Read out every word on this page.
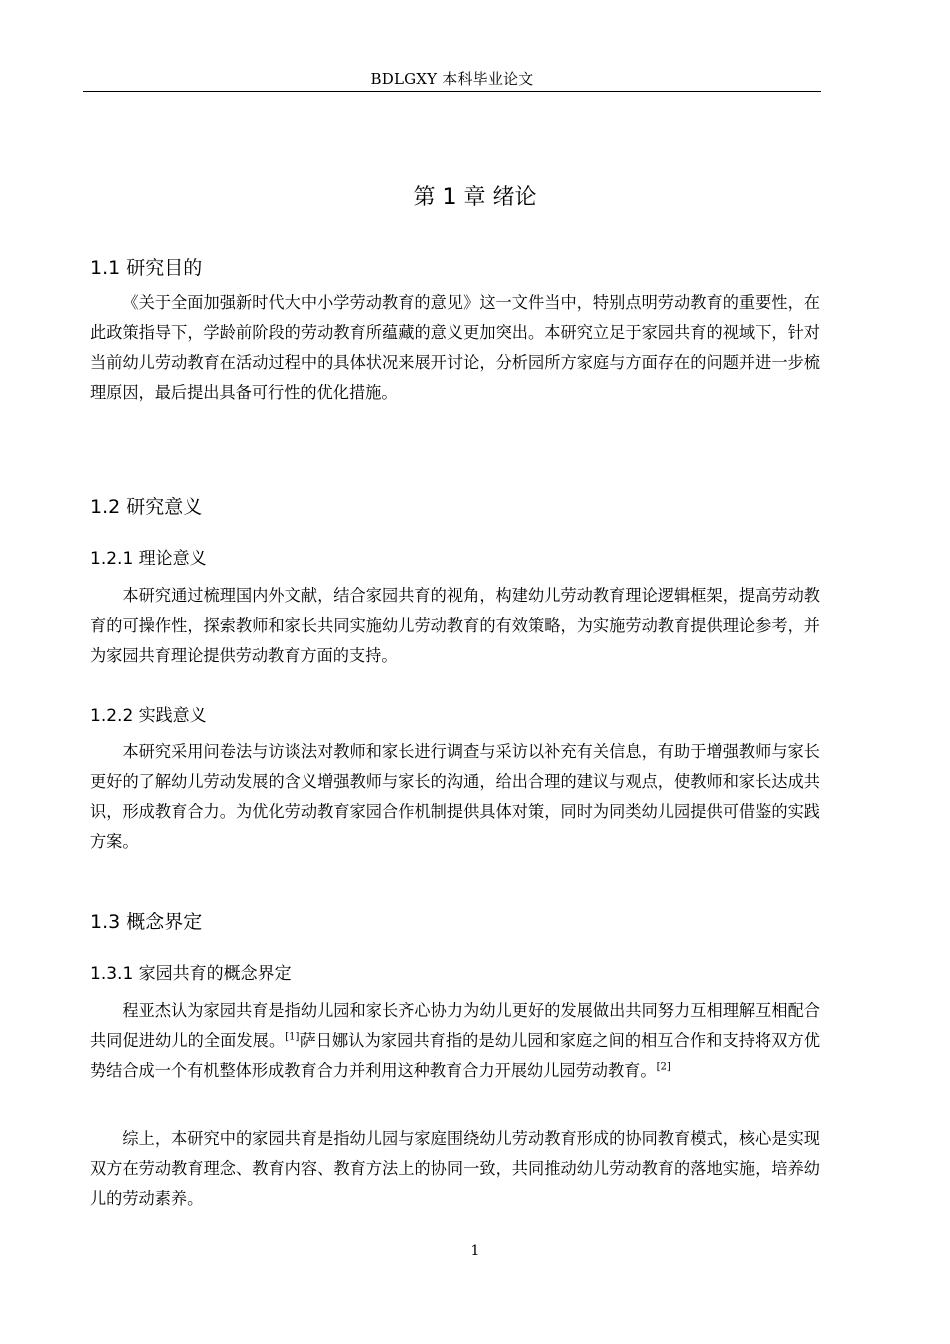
BDLGXY 本科毕业论文
第 1 章 绪论
1.1 研究目的

《关于全面加强新时代大中小学劳动教育的意见》这一文件当中，特别点明劳动教育的重要性，在此政策指导下，学龄前阶段的劳动教育所蕴藏的意义更加突出。本研究立足于家园共育的视域下，针对当前幼儿劳动教育在活动过程中的具体状况来展开讨论，分析园所方家庭与方面存在的问题并进一步梳理原因，最后提出具备可行性的优化措施。

1.2 研究意义
1.2.1 理论意义

本研究通过梳理国内外文献，结合家园共育的视角，构建幼儿劳动教育理论逻辑框架，提高劳动教育的可操作性，探索教师和家长共同实施幼儿劳动教育的有效策略，为实施劳动教育提供理论参考，并为家园共育理论提供劳动教育方面的支持。

1.2.2 实践意义

本研究采用问卷法与访谈法对教师和家长进行调查与采访以补充有关信息，有助于增强教师与家长更好的了解幼儿劳动发展的含义增强教师与家长的沟通，给出合理的建议与观点，使教师和家长达成共识，形成教育合力。为优化劳动教育家园合作机制提供具体对策，同时为同类幼儿园提供可借鉴的实践方案。

1.3 概念界定
1.3.1 家园共育的概念界定

程亚杰认为家园共育是指幼儿园和家长齐心协力为幼儿更好的发展做出共同努力互相理解互相配合共同促进幼儿的全面发展。[1]萨日娜认为家园共育指的是幼儿园和家庭之间的相互合作和支持将双方优势结合成一个有机整体形成教育合力并利用这种教育合力开展幼儿园劳动教育。[2]

综上，本研究中的家园共育是指幼儿园与家庭围绕幼儿劳动教育形成的协同教育模式，核心是实现双方在劳动教育理念、教育内容、教育方法上的协同一致，共同推动幼儿劳动教育的落地实施，培养幼儿的劳动素养。

1
